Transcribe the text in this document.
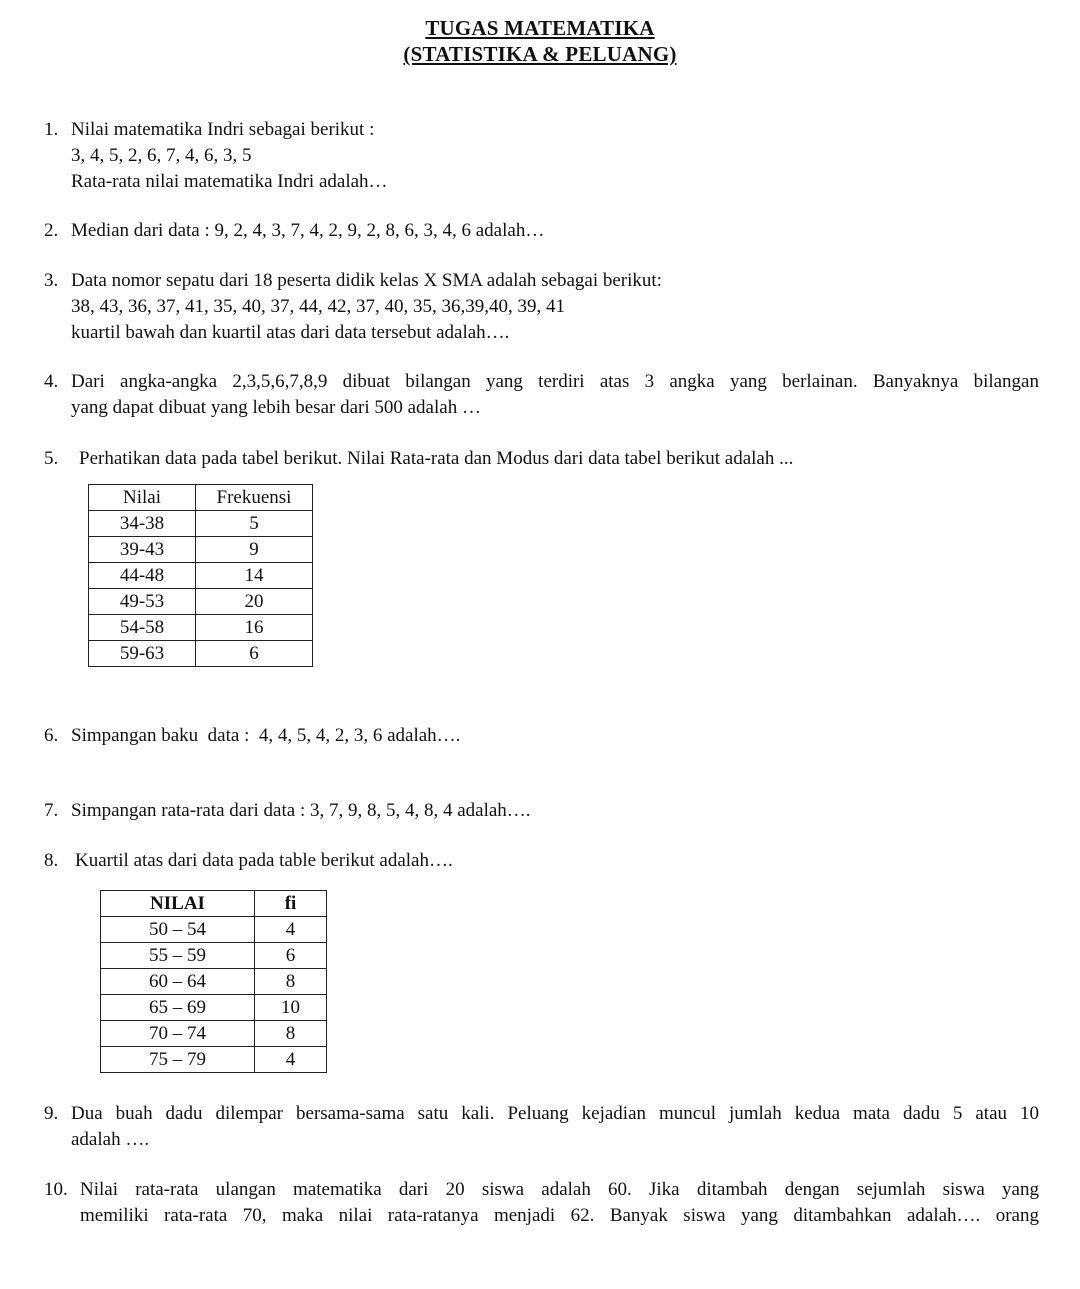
TUGAS MATEMATIKA
(STATISTIKA & PELUANG)
1. Nilai matematika Indri sebagai berikut :
3, 4, 5, 2, 6, 7, 4, 6, 3, 5
Rata-rata nilai matematika Indri adalah…
2. Median dari data : 9, 2, 4, 3, 7, 4, 2, 9, 2, 8, 6, 3, 4, 6 adalah…
3. Data nomor sepatu dari 18 peserta didik kelas X SMA adalah sebagai berikut:
38, 43, 36, 37, 41, 35, 40, 37, 44, 42, 37, 40, 35, 36,39,40, 39, 41
kuartil bawah dan kuartil atas dari data tersebut adalah….
4. Dari angka-angka 2,3,5,6,7,8,9 dibuat bilangan yang terdiri atas 3 angka yang berlainan. Banyaknya bilangan
yang dapat dibuat yang lebih besar dari 500 adalah …
5. Perhatikan data pada tabel berikut. Nilai Rata-rata dan Modus dari data tabel berikut adalah ...
Nilai	Frekuensi
34-38	5
39-43	9
44-48	14
49-53	20
54-58	16
59-63	6
6. Simpangan baku  data :  4, 4, 5, 4, 2, 3, 6 adalah….
7. Simpangan rata-rata dari data : 3, 7, 9, 8, 5, 4, 8, 4 adalah….
8. Kuartil atas dari data pada table berikut adalah….
NILAI	fi
50 – 54	4
55 – 59	6
60 – 64	8
65 – 69	10
70 – 74	8
75 – 79	4
9. Dua buah dadu dilempar bersama-sama satu kali. Peluang kejadian muncul jumlah kedua mata dadu 5 atau 10
adalah ….
10. Nilai rata-rata ulangan matematika dari 20 siswa adalah 60. Jika ditambah dengan sejumlah siswa yang
memiliki rata-rata 70, maka nilai rata-ratanya menjadi 62. Banyak siswa yang ditambahkan adalah…. orang
